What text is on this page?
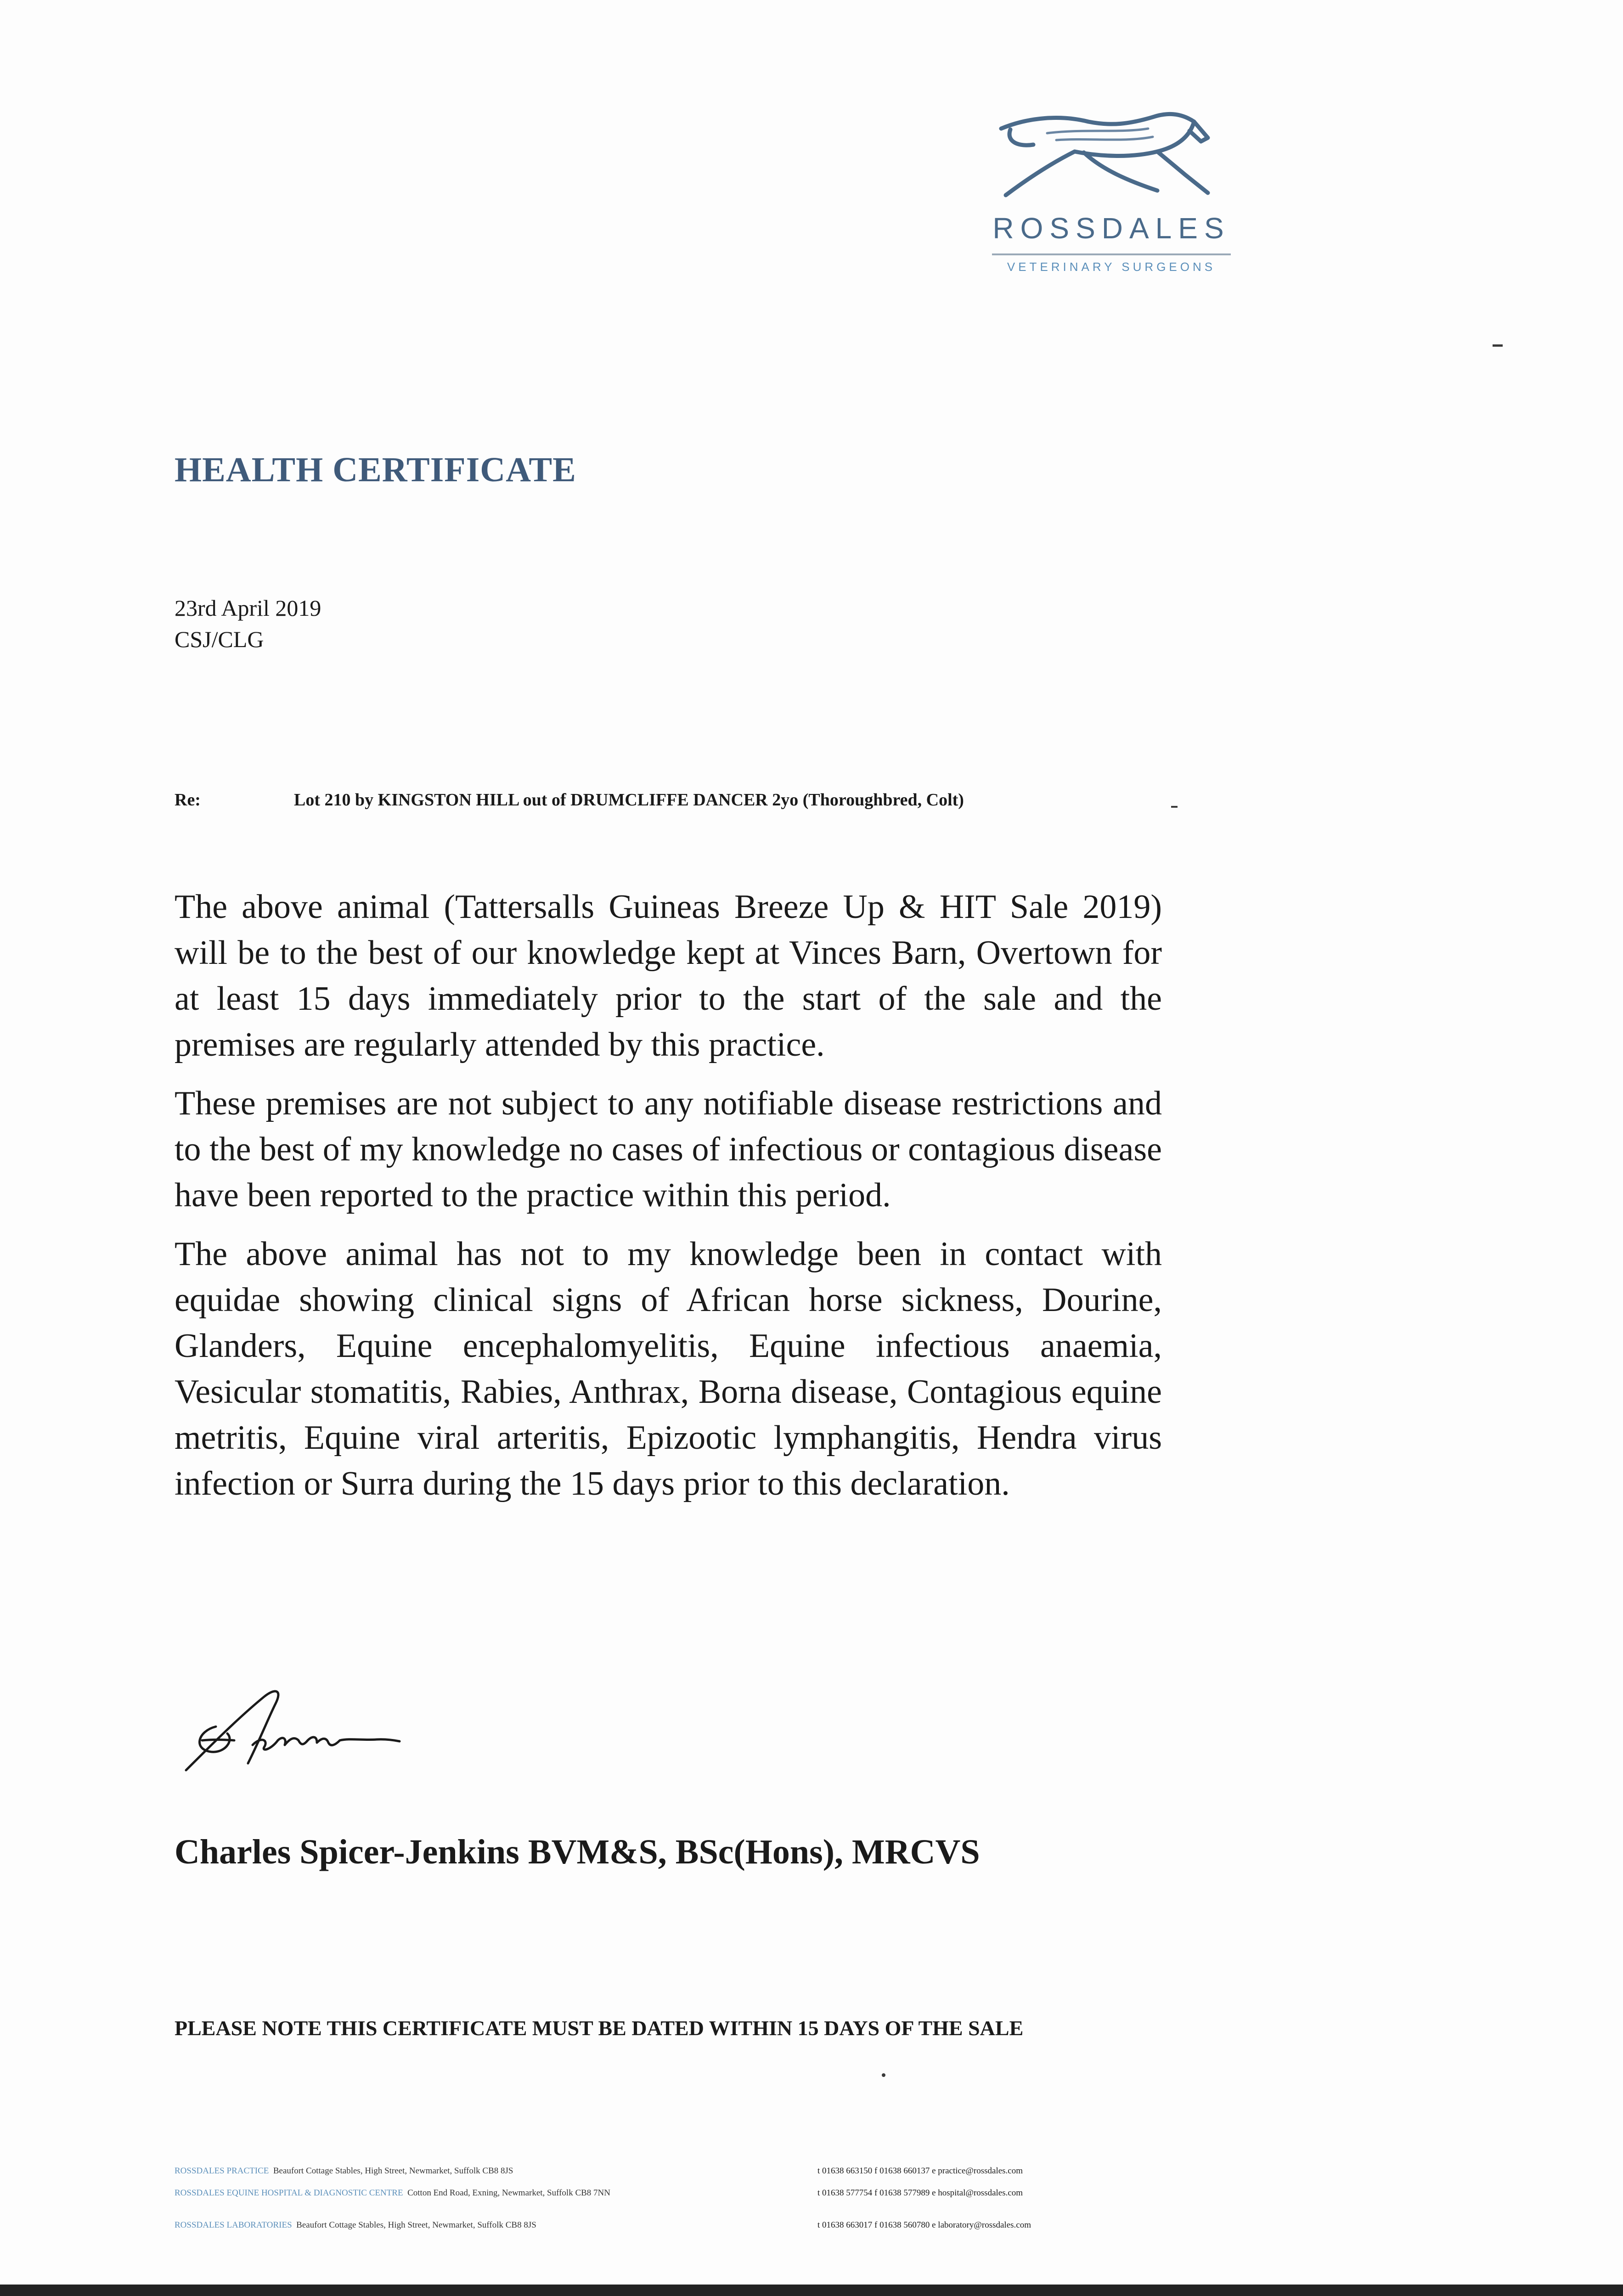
ROSSDALES
VETERINARY SURGEONS
HEALTH CERTIFICATE
23rd April 2019
CSJ/CLG
Re:	Lot 210 by KINGSTON HILL out of DRUMCLIFFE DANCER 2yo (Thoroughbred, Colt)

The above animal (Tattersalls Guineas Breeze Up & HIT Sale 2019) will be to the best of our knowledge kept at Vinces Barn, Overtown for at least 15 days immediately prior to the start of the sale and the premises are regularly attended by this practice.

These premises are not subject to any notifiable disease restrictions and to the best of my knowledge no cases of infectious or contagious disease have been reported to the practice within this period.

The above animal has not to my knowledge been in contact with equidae showing clinical signs of African horse sickness, Dourine, Glanders, Equine encephalomyelitis, Equine infectious anaemia, Vesicular stomatitis, Rabies, Anthrax, Borna disease, Contagious equine metritis, Equine viral arteritis, Epizootic lymphangitis, Hendra virus infection or Surra during the 15 days prior to this declaration.

Charles Spicer-Jenkins BVM&S, BSc(Hons), MRCVS
PLEASE NOTE THIS CERTIFICATE MUST BE DATED WITHIN 15 DAYS OF THE SALE
ROSSDALES PRACTICE Beaufort Cottage Stables, High Street, Newmarket, Suffolk CB8 8JS	t 01638 663150 f 01638 660137 e practice@rossdales.com
ROSSDALES EQUINE HOSPITAL & DIAGNOSTIC CENTRE Cotton End Road, Exning, Newmarket, Suffolk CB8 7NN	t 01638 577754 f 01638 577989 e hospital@rossdales.com
ROSSDALES LABORATORIES Beaufort Cottage Stables, High Street, Newmarket, Suffolk CB8 8JS	t 01638 663017 f 01638 560780 e laboratory@rossdales.com
